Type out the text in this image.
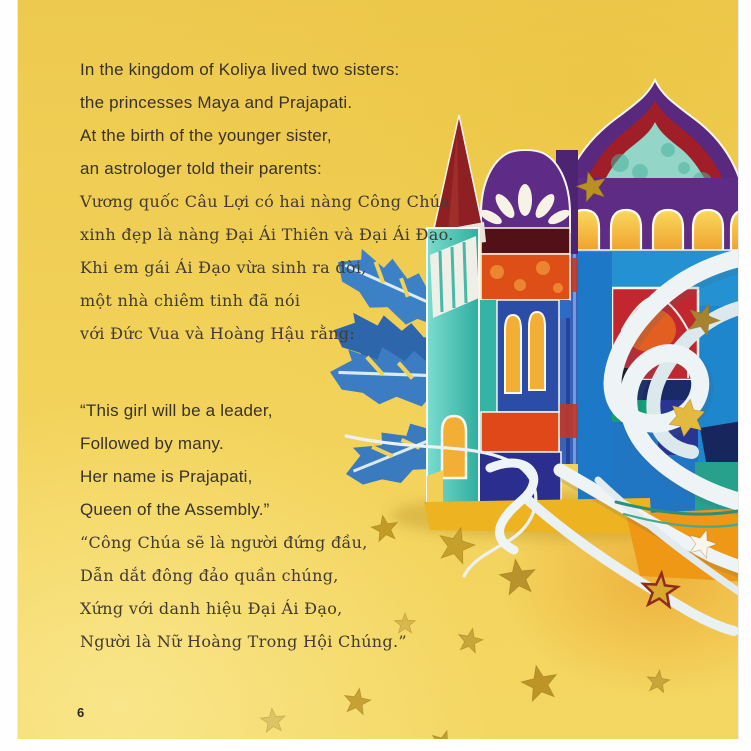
In the kingdom of Koliya lived two sisters:
the princesses Maya and Prajapati.
At the birth of the younger sister,
an astrologer told their parents:
Vương quốc Câu Lợi có hai nàng Công Chúa
xinh đẹp là nàng Đại Ái Thiên và Đại Ái Đạo.
Khi em gái Ái Đạo vừa sinh ra đời,
một nhà chiêm tinh đã nói
với Đức Vua và Hoàng Hậu rằng:
“This girl will be a leader,
Followed by many.
Her name is Prajapati,
Queen of the Assembly.”
“Công Chúa sẽ là người đứng đầu,
Dẫn dắt đông đảo quần chúng,
Xứng với danh hiệu Đại Ái Đạo,
Người là Nữ Hoàng Trong Hội Chúng.”
6
